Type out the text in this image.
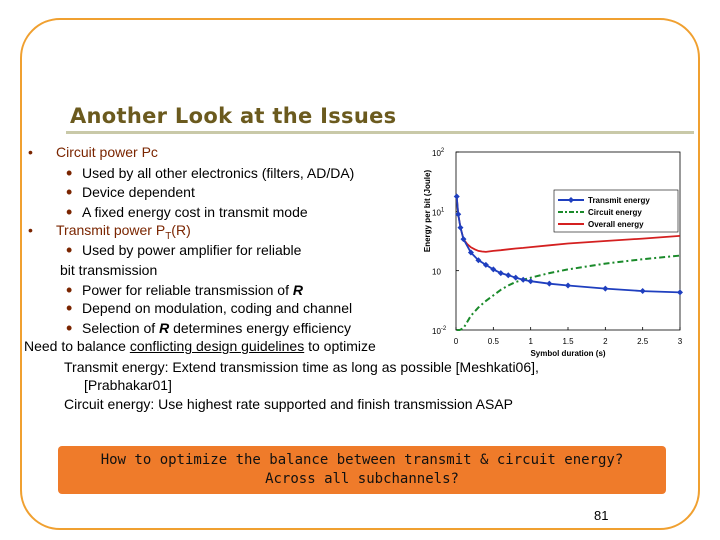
Another Look at the Issues
• Circuit power Pc
• Used by all other electronics (filters, AD/DA)
• Device dependent
• A fixed energy cost in transmit mode
• Transmit power $P_T(R)$
• Used by power amplifier for reliable
bit transmission
• Power for reliable transmission of R
• Depend on modulation, coding and channel
• Selection of R determines energy efficiency
Need to balance conflicting design guidelines to optimize
Transmit energy: Extend transmission time as long as possible [Meshkati06],
[Prabhakar01]
Circuit energy: Use highest rate supported and finish transmission ASAP
$10^{-2}$
10
$10^1$
$10^2$
0	0.5	1	1.5	2	2.5	3
Symbol duration (s)
Energy per bit (Joule)	Transmit energy
Circuit energy
Overall energy
How to optimize the balance between transmit & circuit energy?
Across all subchannels?
81
